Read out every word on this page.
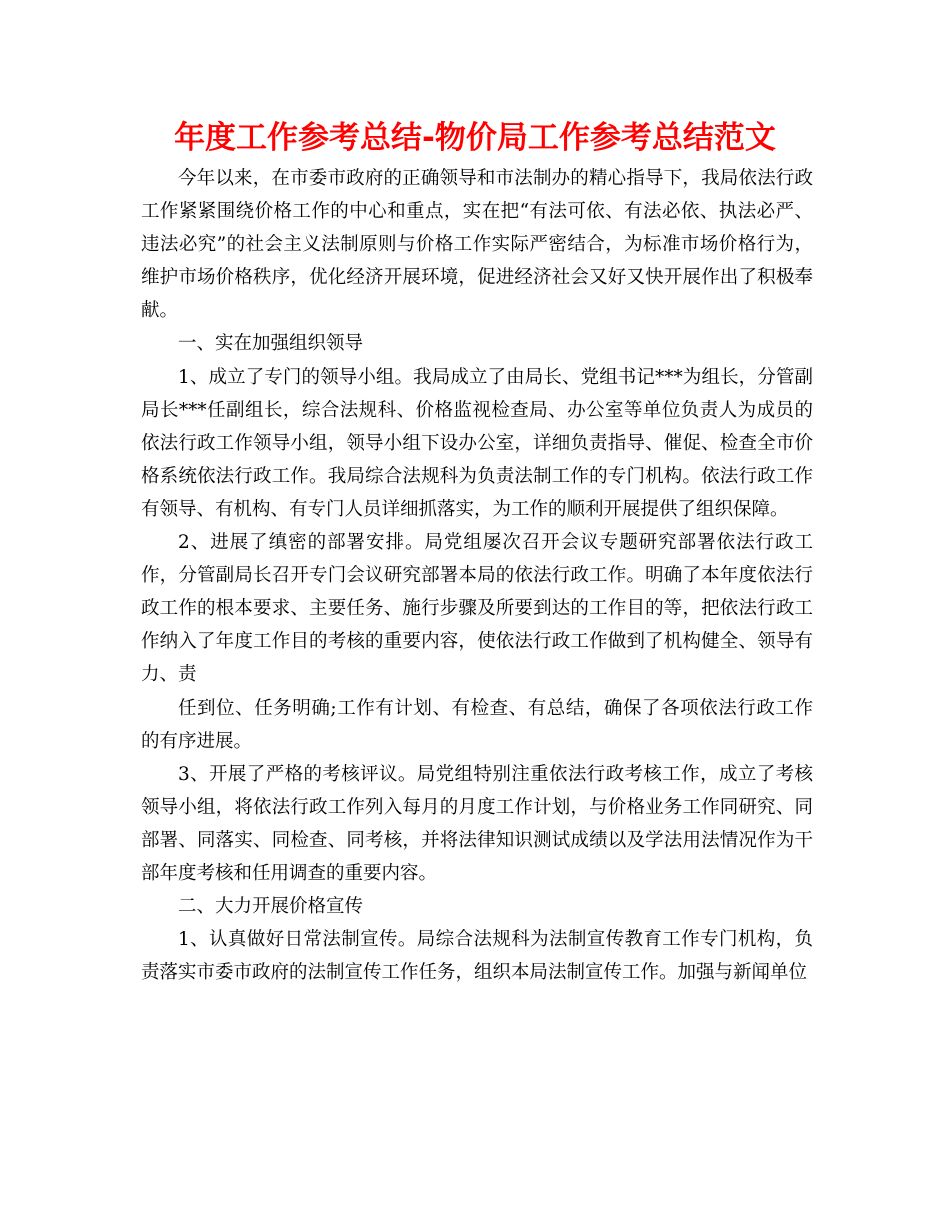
年度工作参考总结-物价局工作参考总结范文

今年以来，在市委市政府的正确领导和市法制办的精心指导下，我局依法行政工作紧紧围绕价格工作的中心和重点，实在把“有法可依、有法必依、执法必严、违法必究”的社会主义法制原则与价格工作实际严密结合，为标准市场价格行为，维护市场价格秩序，优化经济开展环境，促进经济社会又好又快开展作出了积极奉献。

一、实在加强组织领导

1、成立了专门的领导小组。我局成立了由局长、党组书记***为组长，分管副局长***任副组长，综合法规科、价格监视检查局、办公室等单位负责人为成员的依法行政工作领导小组，领导小组下设办公室，详细负责指导、催促、检查全市价格系统依法行政工作。我局综合法规科为负责法制工作的专门机构。依法行政工作有领导、有机构、有专门人员详细抓落实，为工作的顺利开展提供了组织保障。

2、进展了缜密的部署安排。局党组屡次召开会议专题研究部署依法行政工作，分管副局长召开专门会议研究部署本局的依法行政工作。明确了本年度依法行政工作的根本要求、主要任务、施行步骤及所要到达的工作目的等，把依法行政工作纳入了年度工作目的考核的重要内容，使依法行政工作做到了机构健全、领导有力、责

任到位、任务明确;工作有计划、有检查、有总结，确保了各项依法行政工作的有序进展。

3、开展了严格的考核评议。局党组特别注重依法行政考核工作，成立了考核领导小组，将依法行政工作列入每月的月度工作计划，与价格业务工作同研究、同部署、同落实、同检查、同考核，并将法律知识测试成绩以及学法用法情况作为干部年度考核和任用调查的重要内容。

二、大力开展价格宣传

1、认真做好日常法制宣传。局综合法规科为法制宣传教育工作专门机构，负责落实市委市政府的法制宣传工作任务，组织本局法制宣传工作。加强与新闻单位
